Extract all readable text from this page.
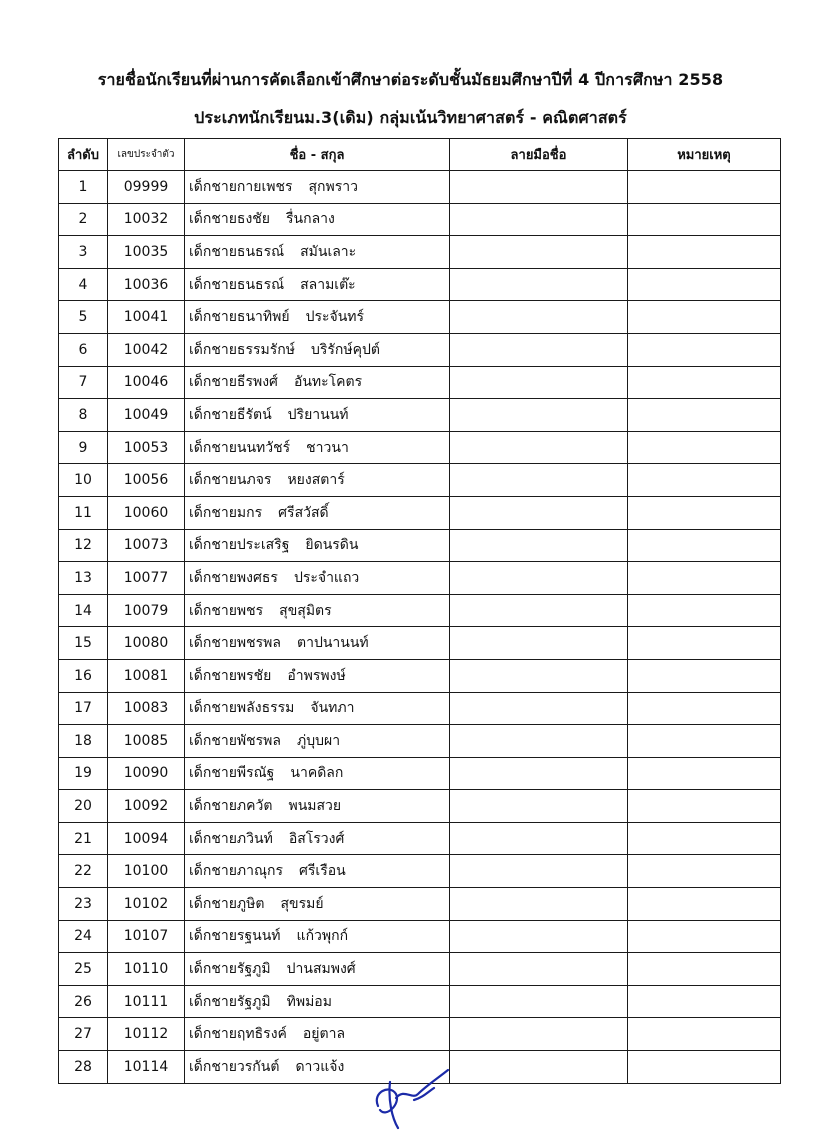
รายชื่อนักเรียนที่ผ่านการคัดเลือกเข้าศึกษาต่อระดับชั้นมัธยมศึกษาปีที่ 4 ปีการศึกษา 2558
ประเภทนักเรียนม.3(เดิม) กลุ่มเน้นวิทยาศาสตร์ - คณิตศาสตร์
ลำดับ	เลขประจำตัว	ชื่อ - สกุล	ลายมือชื่อ	หมายเหตุ
1	09999	เด็กชายกายเพชร สุกพราว		
2	10032	เด็กชายธงชัย รื่นกลาง		
3	10035	เด็กชายธนธรณ์ สมันเลาะ		
4	10036	เด็กชายธนธรณ์ สลามเต๊ะ		
5	10041	เด็กชายธนาทิพย์ ประจันทร์		
6	10042	เด็กชายธรรมรักษ์ บริรักษ์คุปต์		
7	10046	เด็กชายธีรพงศ์ อันทะโคตร		
8	10049	เด็กชายธีรัตน์ ปริยานนท์		
9	10053	เด็กชายนนทวัชร์ ชาวนา		
10	10056	เด็กชายนภจร หยงสตาร์		
11	10060	เด็กชายมกร ศรีสวัสดิ์		
12	10073	เด็กชายประเสริฐ ยิดนรดิน		
13	10077	เด็กชายพงศธร ประจำแถว		
14	10079	เด็กชายพชร สุขสุมิตร		
15	10080	เด็กชายพชรพล ตาปนานนท์		
16	10081	เด็กชายพรชัย อำพรพงษ์		
17	10083	เด็กชายพลังธรรม จันทภา		
18	10085	เด็กชายพัชรพล ภู่บุบผา		
19	10090	เด็กชายพีรณัฐ นาคดิลก		
20	10092	เด็กชายภควัต พนมสวย		
21	10094	เด็กชายภวินท์ อิสโรวงศ์		
22	10100	เด็กชายภาณุกร ศรีเรือน		
23	10102	เด็กชายภูษิต สุขรมย์		
24	10107	เด็กชายรฐนนท์ แก้วพุกก์		
25	10110	เด็กชายรัฐภูมิ ปานสมพงศ์		
26	10111	เด็กชายรัฐภูมิ ทิพม่อม		
27	10112	เด็กชายฤทธิรงค์ อยู่ตาล		
28	10114	เด็กชายวรกันต์ ดาวแจ้ง		
